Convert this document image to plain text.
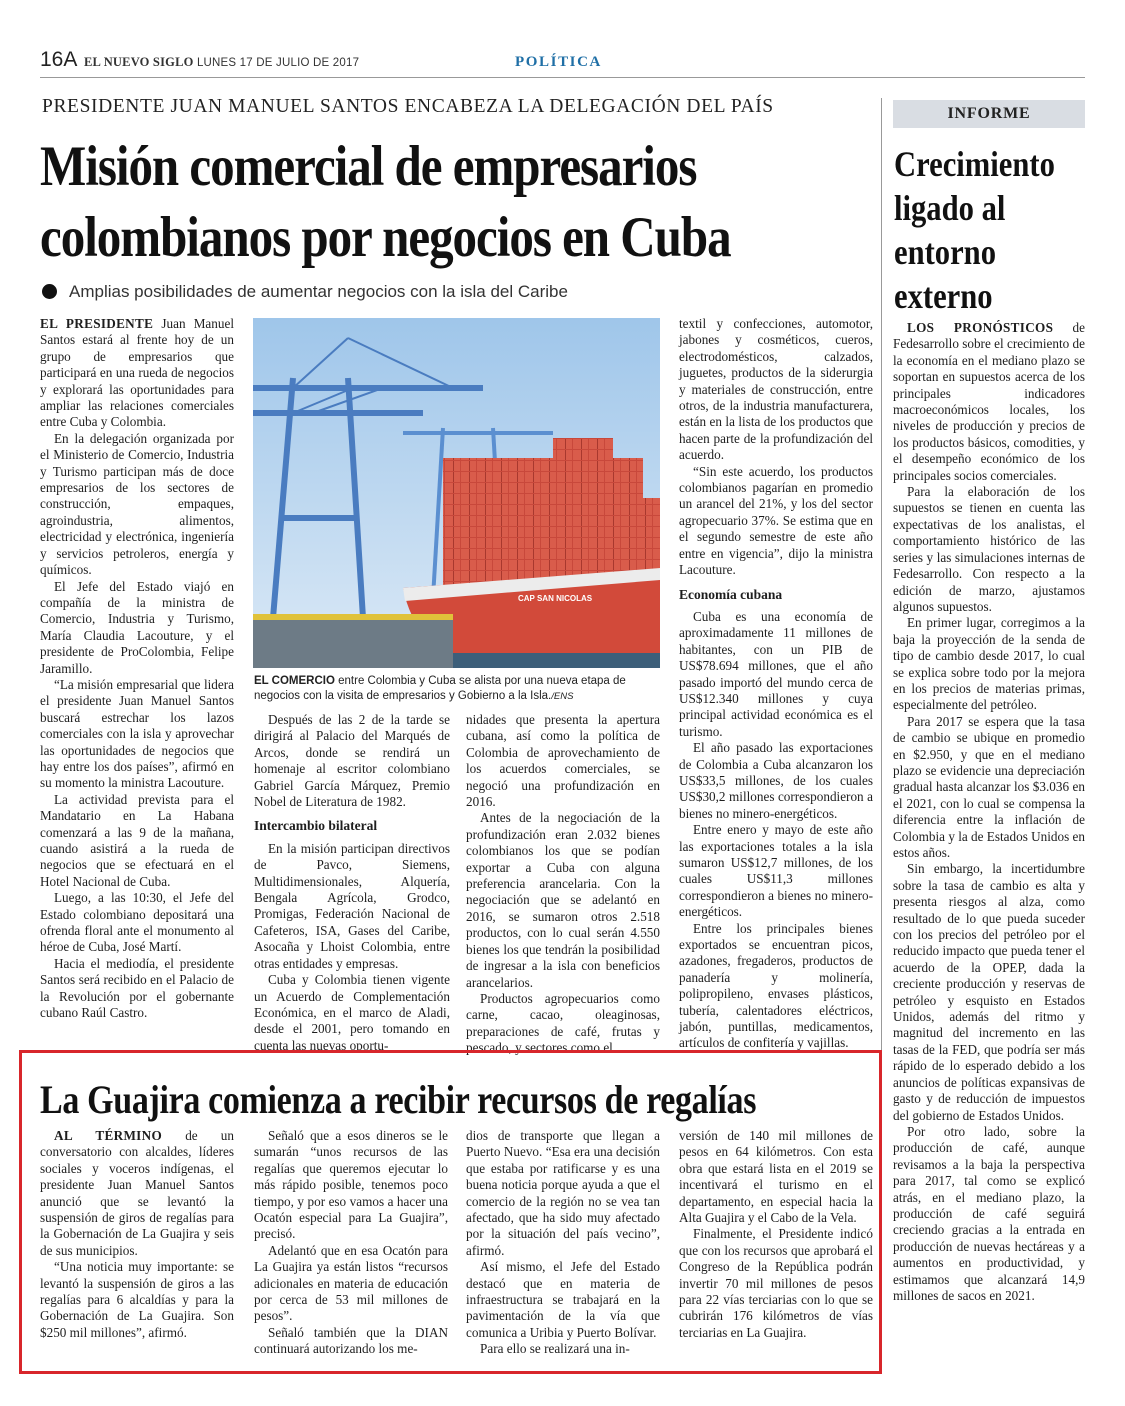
16A EL NUEVO SIGLO LUNES 17 DE JULIO DE 2017	POLÍTICA
PRESIDENTE JUAN MANUEL SANTOS ENCABEZA LA DELEGACIÓN DEL PAÍS
Misión comercial de empresarios
colombianos por negocios en Cuba
Amplias posibilidades de aumentar negocios con la isla del Caribe

EL PRESIDENTE Juan Manuel Santos estará al frente hoy de un grupo de empresarios que participará en una rueda de negocios y explorará las oportunidades para ampliar las relaciones comerciales entre Cuba y Colombia.

En la delegación organizada por el Ministerio de Comercio, Industria y Turismo participan más de doce empresarios de los sectores de construcción, empaques, agroindustria, alimentos, electricidad y electrónica, ingeniería y servicios petroleros, energía y químicos.

El Jefe del Estado viajó en compañía de la ministra de Comercio, Industria y Turismo, María Claudia Lacouture, y el presidente de ProColombia, Felipe Jaramillo.

“La misión empresarial que lidera el presidente Juan Manuel Santos buscará estrechar los lazos comerciales con la isla y aprovechar las oportunidades de negocios que hay entre los dos países”, afirmó en su momento la ministra Lacouture.

La actividad prevista para el Mandatario en La Habana comenzará a las 9 de la mañana, cuando asistirá a la rueda de negocios que se efectuará en el Hotel Nacional de Cuba.

Luego, a las 10:30, el Jefe del Estado colombiano depositará una ofrenda floral ante el monumento al héroe de Cuba, José Martí.

Hacia el mediodía, el presidente Santos será recibido en el Palacio de la Revolución por el gobernante cubano Raúl Castro.

CAP SAN NICOLAS
EL COMERCIO entre Colombia y Cuba se alista por una nueva etapa de negocios con la visita de empresarios y Gobierno a la Isla./ENS

Después de las 2 de la tarde se dirigirá al Palacio del Marqués de Arcos, donde se rendirá un homenaje al escritor colombiano Gabriel García Márquez, Premio Nobel de Literatura de 1982.

Intercambio bilateral

En la misión participan directivos de Pavco, Siemens, Multidimensionales, Alquería, Bengala Agrícola, Grodco, Promigas, Federación Nacional de Cafeteros, ISA, Gases del Caribe, Asocaña y Lhoist Colombia, entre otras entidades y empresas.

Cuba y Colombia tienen vigente un Acuerdo de Complementación Económica, en el marco de Aladi, desde el 2001, pero tomando en cuenta las nuevas oportu-

nidades que presenta la apertura cubana, así como la política de Colombia de aprovechamiento de los acuerdos comerciales, se negoció una profundización en 2016.

Antes de la negociación de la profundización eran 2.032 bienes colombianos los que se podían exportar a Cuba con alguna preferencia arancelaria. Con la negociación que se adelantó en 2016, se sumaron otros 2.518 productos, con lo cual serán 4.550 bienes los que tendrán la posibilidad de ingresar a la isla con beneficios arancelarios.

Productos agropecuarios como carne, cacao, oleaginosas, preparaciones de café, frutas y pescado, y sectores como el

textil y confecciones, automotor, jabones y cosméticos, cueros, electrodomésticos, calzados, juguetes, productos de la siderurgia y materiales de construcción, entre otros, de la industria manufacturera, están en la lista de los productos que hacen parte de la profundización del acuerdo.

“Sin este acuerdo, los productos colombianos pagarían en promedio un arancel del 21%, y los del sector agropecuario 37%. Se estima que en el segundo semestre de este año entre en vigencia”, dijo la ministra Lacouture.

Economía cubana

Cuba es una economía de aproximadamente 11 millones de habitantes, con un PIB de US$78.694 millones, que el año pasado importó del mundo cerca de US$12.340 millones y cuya principal actividad económica es el turismo.

El año pasado las exportaciones de Colombia a Cuba alcanzaron los US$33,5 millones, de los cuales US$30,2 millones correspondieron a bienes no minero-energéticos.

Entre enero y mayo de este año las exportaciones totales a la isla sumaron US$12,7 millones, de los cuales US$11,3 millones correspondieron a bienes no minero-energéticos.

Entre los principales bienes exportados se encuentran picos, azadones, fregaderos, productos de panadería y molinería, polipropileno, envases plásticos, tubería, calentadores eléctricos, jabón, puntillas, medicamentos, artículos de confitería y vajillas.

INFORME
Crecimiento ligado al entorno externo

LOS PRONÓSTICOS de Fedesarrollo sobre el crecimiento de la economía en el mediano plazo se soportan en supuestos acerca de los principales indicadores macroeconómicos locales, los niveles de producción y precios de los productos básicos, comodities, y el desempeño económico de los principales socios comerciales.

Para la elaboración de los supuestos se tienen en cuenta las expectativas de los analistas, el comportamiento histórico de las series y las simulaciones internas de Fedesarrollo. Con respecto a la edición de marzo, ajustamos algunos supuestos.

En primer lugar, corregimos a la baja la proyección de la senda de tipo de cambio desde 2017, lo cual se explica sobre todo por la mejora en los precios de materias primas, especialmente del petróleo.

Para 2017 se espera que la tasa de cambio se ubique en promedio en $2.950, y que en el mediano plazo se evidencie una depreciación gradual hasta alcanzar los $3.036 en el 2021, con lo cual se compensa la diferencia entre la inflación de Colombia y la de Estados Unidos en estos años.

Sin embargo, la incertidumbre sobre la tasa de cambio es alta y presenta riesgos al alza, como resultado de lo que pueda suceder con los precios del petróleo por el reducido impacto que pueda tener el acuerdo de la OPEP, dada la creciente producción y reservas de petróleo y esquisto en Estados Unidos, además del ritmo y magnitud del incremento en las tasas de la FED, que podría ser más rápido de lo esperado debido a los anuncios de políticas expansivas de gasto y de reducción de impuestos del gobierno de Estados Unidos.

Por otro lado, sobre la producción de café, aunque revisamos a la baja la perspectiva para 2017, tal como se explicó atrás, en el mediano plazo, la producción de café seguirá creciendo gracias a la entrada en producción de nuevas hectáreas y a aumentos en productividad, y estimamos que alcanzará 14,9 millones de sacos en 2021.

La Guajira comienza a recibir recursos de regalías

AL TÉRMINO de un conversatorio con alcaldes, líderes sociales y voceros indígenas, el presidente Juan Manuel Santos anunció que se levantó la suspensión de giros de regalías para la Gobernación de La Guajira y seis de sus municipios.

“Una noticia muy importante: se levantó la suspensión de giros a las regalías para 6 alcaldías y para la Gobernación de La Guajira. Son $250 mil millones”, afirmó.

Señaló que a esos dineros se le sumarán “unos recursos de las regalías que queremos ejecutar lo más rápido posible, tenemos poco tiempo, y por eso vamos a hacer una Ocatón especial para La Guajira”, precisó.

Adelantó que en esa Ocatón para La Guajira ya están listos “recursos adicionales en materia de educación por cerca de 53 mil millones de pesos”.

Señaló también que la DIAN continuará autorizando los me-

dios de transporte que llegan a Puerto Nuevo. “Esa era una decisión que estaba por ratificarse y es una buena noticia porque ayuda a que el comercio de la región no se vea tan afectado, que ha sido muy afectado por la situación del país vecino”, afirmó.

Así mismo, el Jefe del Estado destacó que en materia de infraestructura se trabajará en la pavimentación de la vía que comunica a Uribia y Puerto Bolívar.

Para ello se realizará una in-

versión de 140 mil millones de pesos en 64 kilómetros. Con esta obra que estará lista en el 2019 se incentivará el turismo en el departamento, en especial hacia la Alta Guajira y el Cabo de la Vela.

Finalmente, el Presidente indicó que con los recursos que aprobará el Congreso de la República podrán invertir 70 mil millones de pesos para 22 vías terciarias con lo que se cubrirán 176 kilómetros de vías terciarias en La Guajira.
